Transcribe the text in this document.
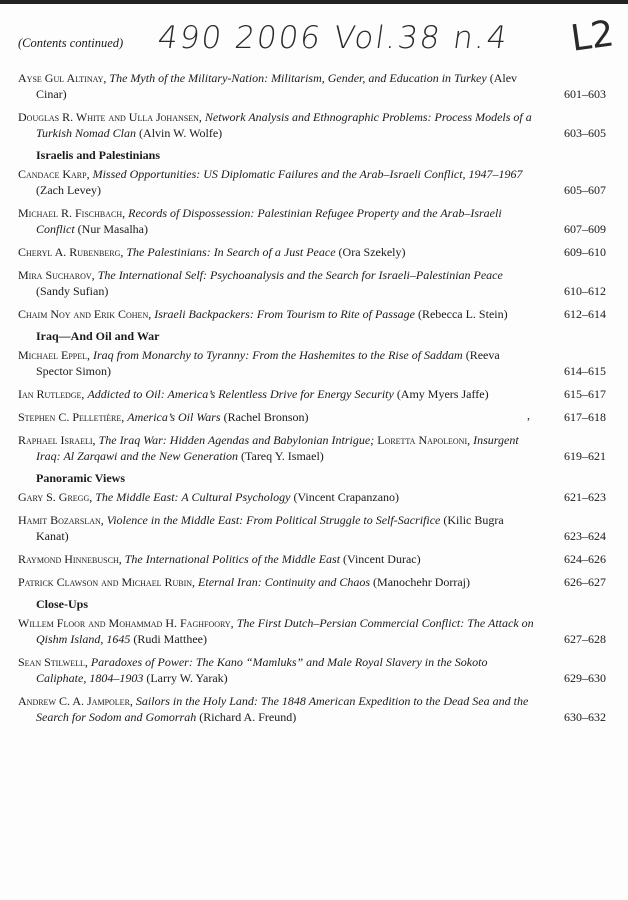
(Contents continued) 490 2006 Vol.38 n.4 L2
Ayse Gul Altinay, The Myth of the Military-Nation: Militarism, Gender, and Education in Turkey (Alev Cinar)	601–603
Douglas R. White and Ulla Johansen, Network Analysis and Ethnographic Problems: Process Models of a Turkish Nomad Clan (Alvin W. Wolfe)	603–605
Israelis and Palestinians
Candace Karp, Missed Opportunities: US Diplomatic Failures and the Arab–Israeli Conflict, 1947–1967 (Zach Levey)	605–607
Michael R. Fischbach, Records of Dispossession: Palestinian Refugee Property and the Arab–Israeli Conflict (Nur Masalha)	607–609
Cheryl A. Rubenberg, The Palestinians: In Search of a Just Peace (Ora Szekely)	609–610
Mira Sucharov, The International Self: Psychoanalysis and the Search for Israeli–Palestinian Peace (Sandy Sufian)	610–612
Chaim Noy and Erik Cohen, Israeli Backpackers: From Tourism to Rite of Passage (Rebecca L. Stein)	612–614
Iraq—And Oil and War
Michael Eppel, Iraq from Monarchy to Tyranny: From the Hashemites to the Rise of Saddam (Reeva Spector Simon)	614–615
Ian Rutledge, Addicted to Oil: America’s Relentless Drive for Energy Security (Amy Myers Jaffe)	615–617
Stephen C. Pelletière, America’s Oil Wars (Rachel Bronson)	,	617–618
Raphael Israeli, The Iraq War: Hidden Agendas and Babylonian Intrigue; Loretta Napoleoni, Insurgent Iraq: Al Zarqawi and the New Generation (Tareq Y. Ismael)	619–621
Panoramic Views
Gary S. Gregg, The Middle East: A Cultural Psychology (Vincent Crapanzano)	621–623
Hamit Bozarslan, Violence in the Middle East: From Political Struggle to Self-Sacrifice (Kilic Bugra Kanat)	623–624
Raymond Hinnebusch, The International Politics of the Middle East (Vincent Durac)	624–626
Patrick Clawson and Michael Rubin, Eternal Iran: Continuity and Chaos (Manochehr Dorraj)	626–627
Close-Ups
Willem Floor and Mohammad H. Faghfoory, The First Dutch–Persian Commercial Conflict: The Attack on Qishm Island, 1645 (Rudi Matthee)	627–628
Sean Stilwell, Paradoxes of Power: The Kano “Mamluks” and Male Royal Slavery in the Sokoto Caliphate, 1804–1903 (Larry W. Yarak)	629–630
Andrew C. A. Jampoler, Sailors in the Holy Land: The 1848 American Expedition to the Dead Sea and the Search for Sodom and Gomorrah (Richard A. Freund)	630–632
